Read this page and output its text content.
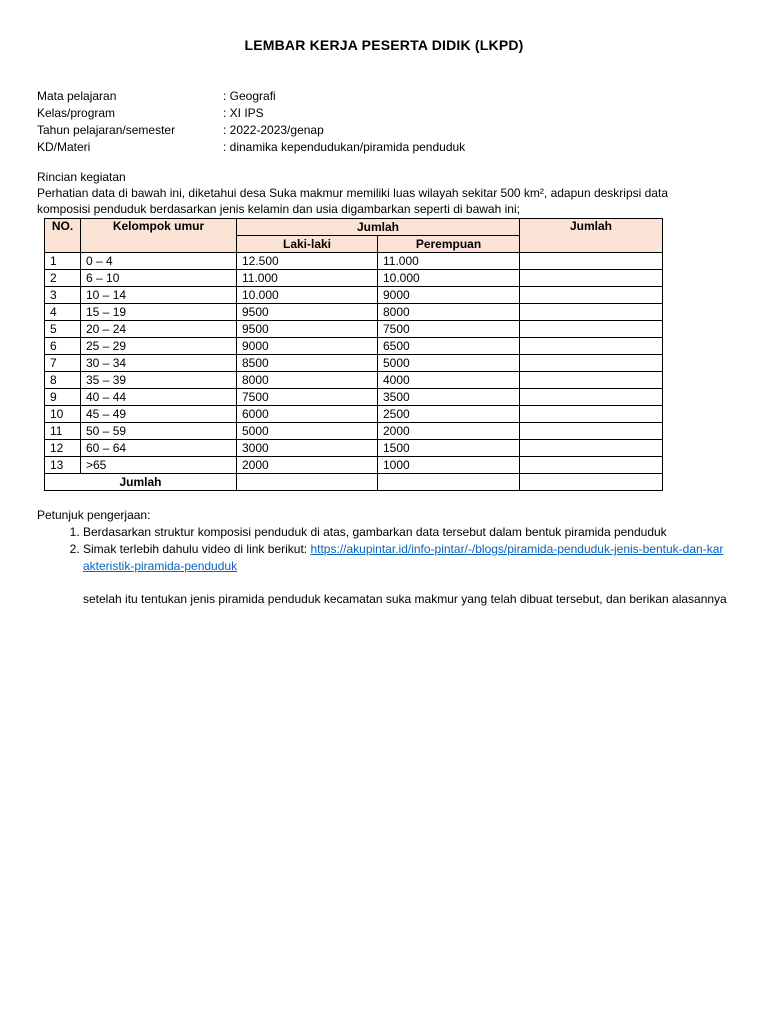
LEMBAR KERJA PESERTA DIDIK (LKPD)
Mata pelajaran	: Geografi
Kelas/program	: XI IPS
Tahun pelajaran/semester	: 2022-2023/genap
KD/Materi	: dinamika kependudukan/piramida penduduk
Rincian kegiatan

Perhatian data di bawah ini, diketahui desa Suka makmur memiliki luas wilayah sekitar 500 km², adapun deskripsi data

komposisi penduduk berdasarkan jenis kelamin dan usia digambarkan seperti di bawah ini;

NO.	Kelompok umur	Jumlah		Jumlah
		Laki-laki	Perempuan	
1	0 – 4	12.500	11.000	
2	6 – 10	11.000	10.000	
3	10 – 14	10.000	9000	
4	15 – 19	9500	8000	
5	20 – 24	9500	7500	
6	25 – 29	9000	6500	
7	30 – 34	8500	5000	
8	35 – 39	8000	4000	
9	40 – 44	7500	3500	
10	45 – 49	6000	2500	
11	50 – 59	5000	2000	
12	60 – 64	3000	1500	
13	>65	2000	1000	
Jumlah				
Petunjuk pengerjaan:
1. Berdasarkan struktur komposisi penduduk di atas, gambarkan data tersebut dalam bentuk piramida penduduk
2. Simak terlebih dahulu video di link berikut: https://akupintar.id/info-pintar/-/blogs/piramida-penduduk-jenis-bentuk-dan-karakteristik-piramida-penduduk
setelah itu tentukan jenis piramida penduduk kecamatan suka makmur yang telah dibuat tersebut, dan berikan alasannya
